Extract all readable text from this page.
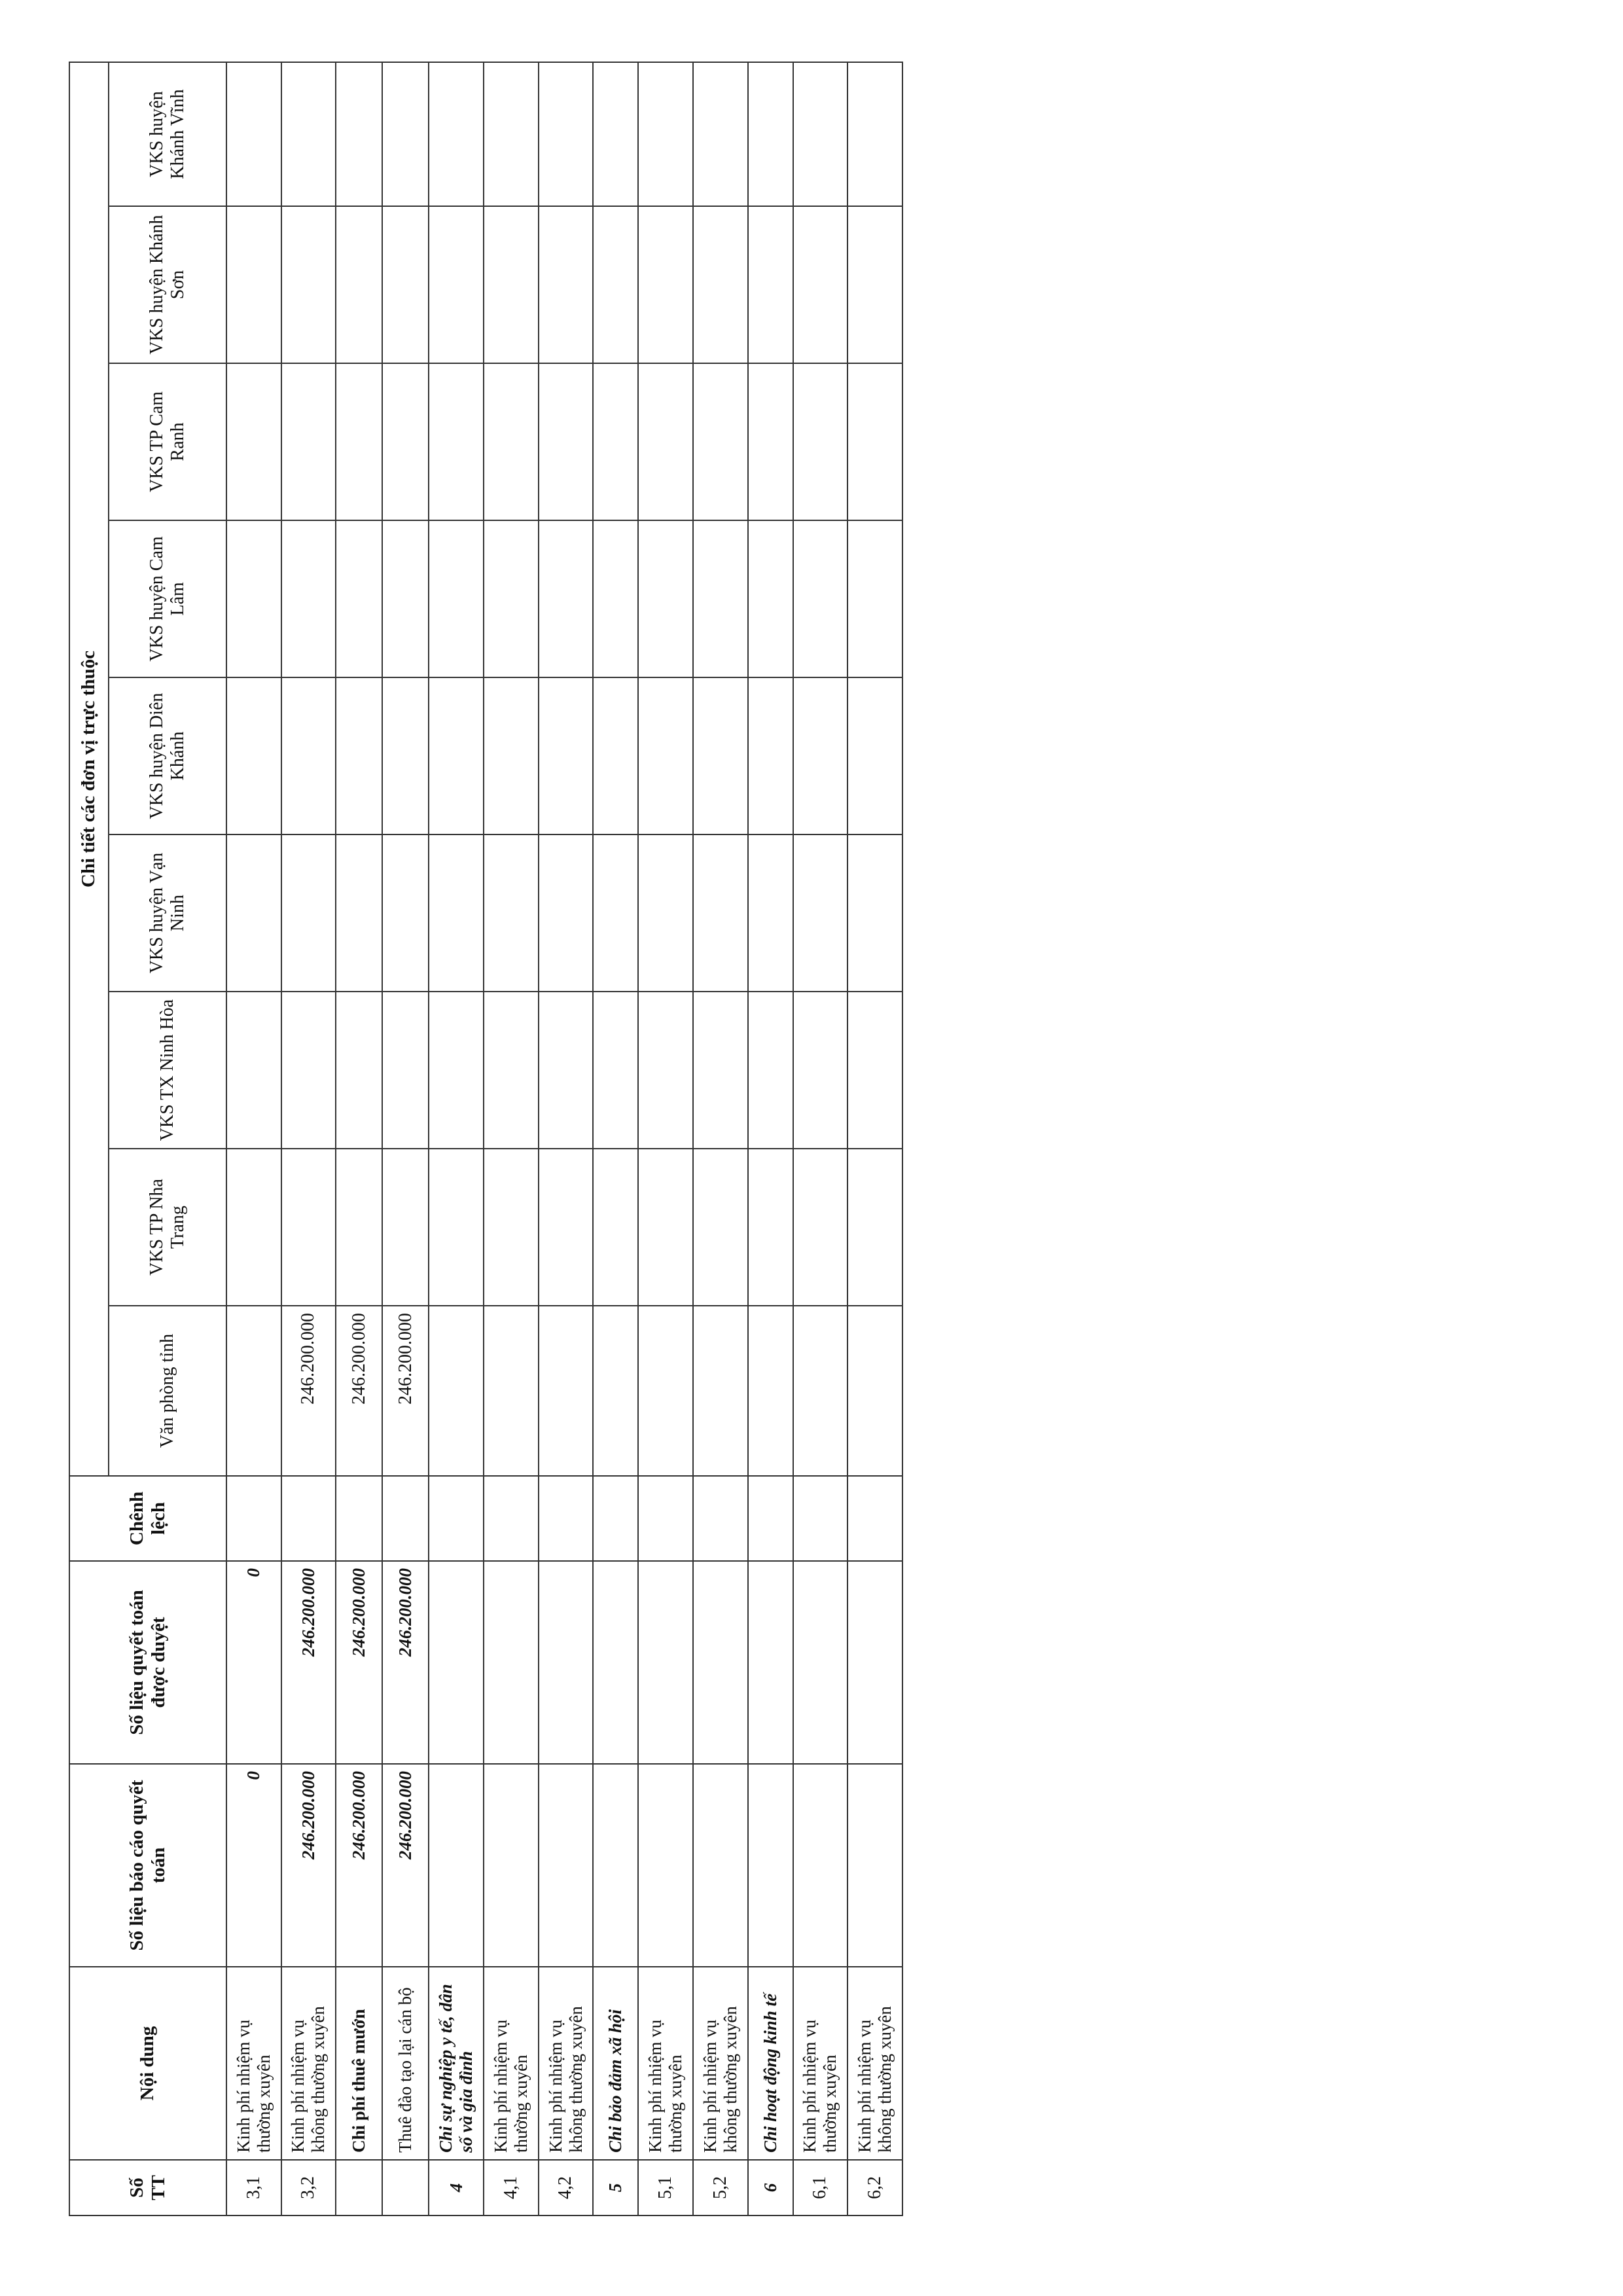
Số TT	Nội dung	Số liệu báo cáo quyết toán	Số liệu quyết toán được duyệt	Chênh lệch	Chi tiết các đơn vị trực thuộc								
					Văn phòng tỉnh	VKS TP Nha Trang	VKS TX Ninh Hòa	VKS huyện Vạn Ninh	VKS huyện Diên Khánh	VKS huyện Cam Lâm	VKS TP Cam Ranh	VKS huyện Khánh Sơn	VKS huyện Khánh Vĩnh
3,1	Kinh phí nhiệm vụ thường xuyên	0	0										
3,2	Kinh phí nhiệm vụ không thường xuyên	246.200.000	246.200.000		246.200.000								
	Chi phí thuê mướn	246.200.000	246.200.000		246.200.000								
	Thuê đào tạo lại cán bộ	246.200.000	246.200.000		246.200.000								
4	Chi sự nghiệp y tế, dân số và gia đình												
4,1	Kinh phí nhiệm vụ thường xuyên												
4,2	Kinh phí nhiệm vụ không thường xuyên												
5	Chi bảo đảm xã hội												
5,1	Kinh phí nhiệm vụ thường xuyên												
5,2	Kinh phí nhiệm vụ không thường xuyên												
6	Chi hoạt động kinh tế												
6,1	Kinh phí nhiệm vụ thường xuyên												
6,2	Kinh phí nhiệm vụ không thường xuyên												
